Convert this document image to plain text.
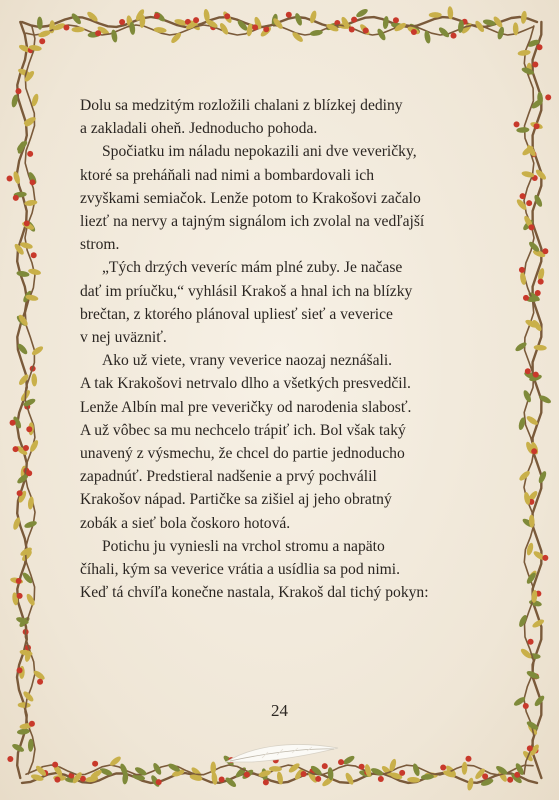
Dolu sa medzitým rozložili chalani z blízkej dediny
a zakladali oheň. Jednoducho pohoda.
Spočiatku im náladu nepokazili ani dve veveričky,
ktoré sa preháňali nad nimi a bombardovali ich
zvyškami semiačok. Lenže potom to Krakošovi začalo
liezť na nervy a tajným signálom ich zvolal na vedľajší
strom.
„Tých drzých veveríc mám plné zuby. Je načase
dať im príučku,“ vyhlásil Krakoš a hnal ich na blízky
brečtan, z ktorého plánoval upliesť sieť a veverice
v nej uväzniť.
Ako už viete, vrany veverice naozaj neznášali.
A tak Krakošovi netrvalo dlho a všetkých presvedčil.
Lenže Albín mal pre veveričky od narodenia slabosť.
A už vôbec sa mu nechcelo trápiť ich. Bol však taký
unavený z výsmechu, že chcel do partie jednoducho
zapadnúť. Predstieral nadšenie a prvý pochválil
Krakošov nápad. Partičke sa zišiel aj jeho obratný
zobák a sieť bola čoskoro hotová.
Potichu ju vyniesli na vrchol stromu a napäto
číhali, kým sa veverice vrátia a usídlia sa pod nimi.
Keď tá chvíľa konečne nastala, Krakoš dal tichý pokyn:
24
